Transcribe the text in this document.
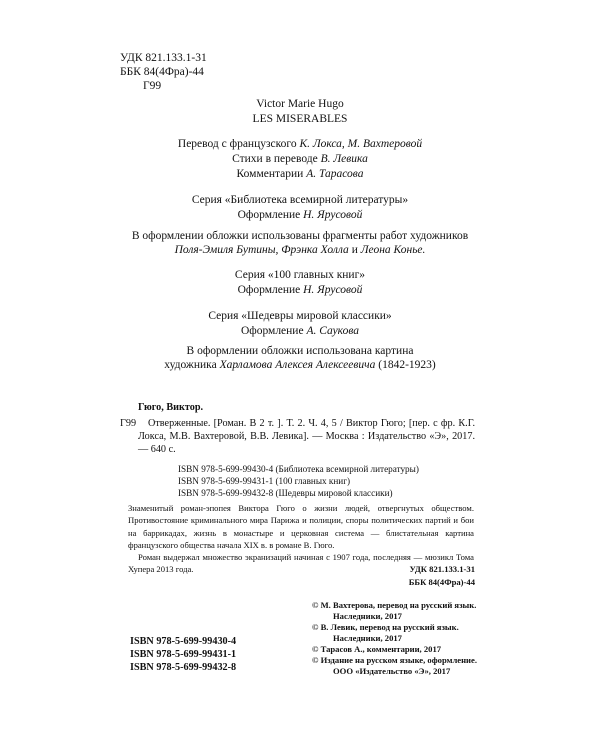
УДК 821.133.1-31
ББК 84(4Фра)-44
Г99
Victor Marie Hugo
LES MISERABLES
Перевод с французского К. Локса, М. Вахтеровой
Стихи в переводе В. Левика
Комментарии А. Тарасова
Серия «Библиотека всемирной литературы»
Оформление Н. Ярусовой
В оформлении обложки использованы фрагменты работ художников
Поля-Эмиля Бутины, Фрэнка Холла и Леона Конье.
Серия «100 главных книг»
Оформление Н. Ярусовой
Серия «Шедевры мировой классики»
Оформление А. Саукова
В оформлении обложки использована картина
художника Харламова Алексея Алексеевича (1842-1923)
Гюго, Виктор.
Г99	Отверженные. [Роман. В 2 т. ]. Т. 2. Ч. 4, 5 / Виктор Гюго; [пер. с фр. К.Г. Локса, М.В. Вахтеровой, В.В. Левика]. — Москва : Издательство «Э», 2017. — 640 с.
ISBN 978-5-699-99430-4 (Библиотека всемирной литературы)
ISBN 978-5-699-99431-1 (100 главных книг)
ISBN 978-5-699-99432-8 (Шедевры мировой классики)

Знаменитый роман-эпопея Виктора Гюго о жизни людей, отвергнутых обществом. Противостояние криминального мира Парижа и полиции, споры политических партий и бои на баррикадах, жизнь в монастыре и церковная система — блистательная картина французского общества начала XIX в. в романе В. Гюго.

Роман выдержал множество экранизаций начиная с 1907 года, последняя — мюзикл Тома Хупера 2013 года.	УДК 821.133.1-31
ББК 84(4Фра)-44
ISBN 978-5-699-99430-4
ISBN 978-5-699-99431-1
ISBN 978-5-699-99432-8
© М. Вахтерова, перевод на русский язык.
Наследники, 2017
© В. Левик, перевод на русский язык.
Наследники, 2017
© Тарасов А., комментарии, 2017
© Издание на русском языке, оформление.
ООО «Издательство «Э», 2017
